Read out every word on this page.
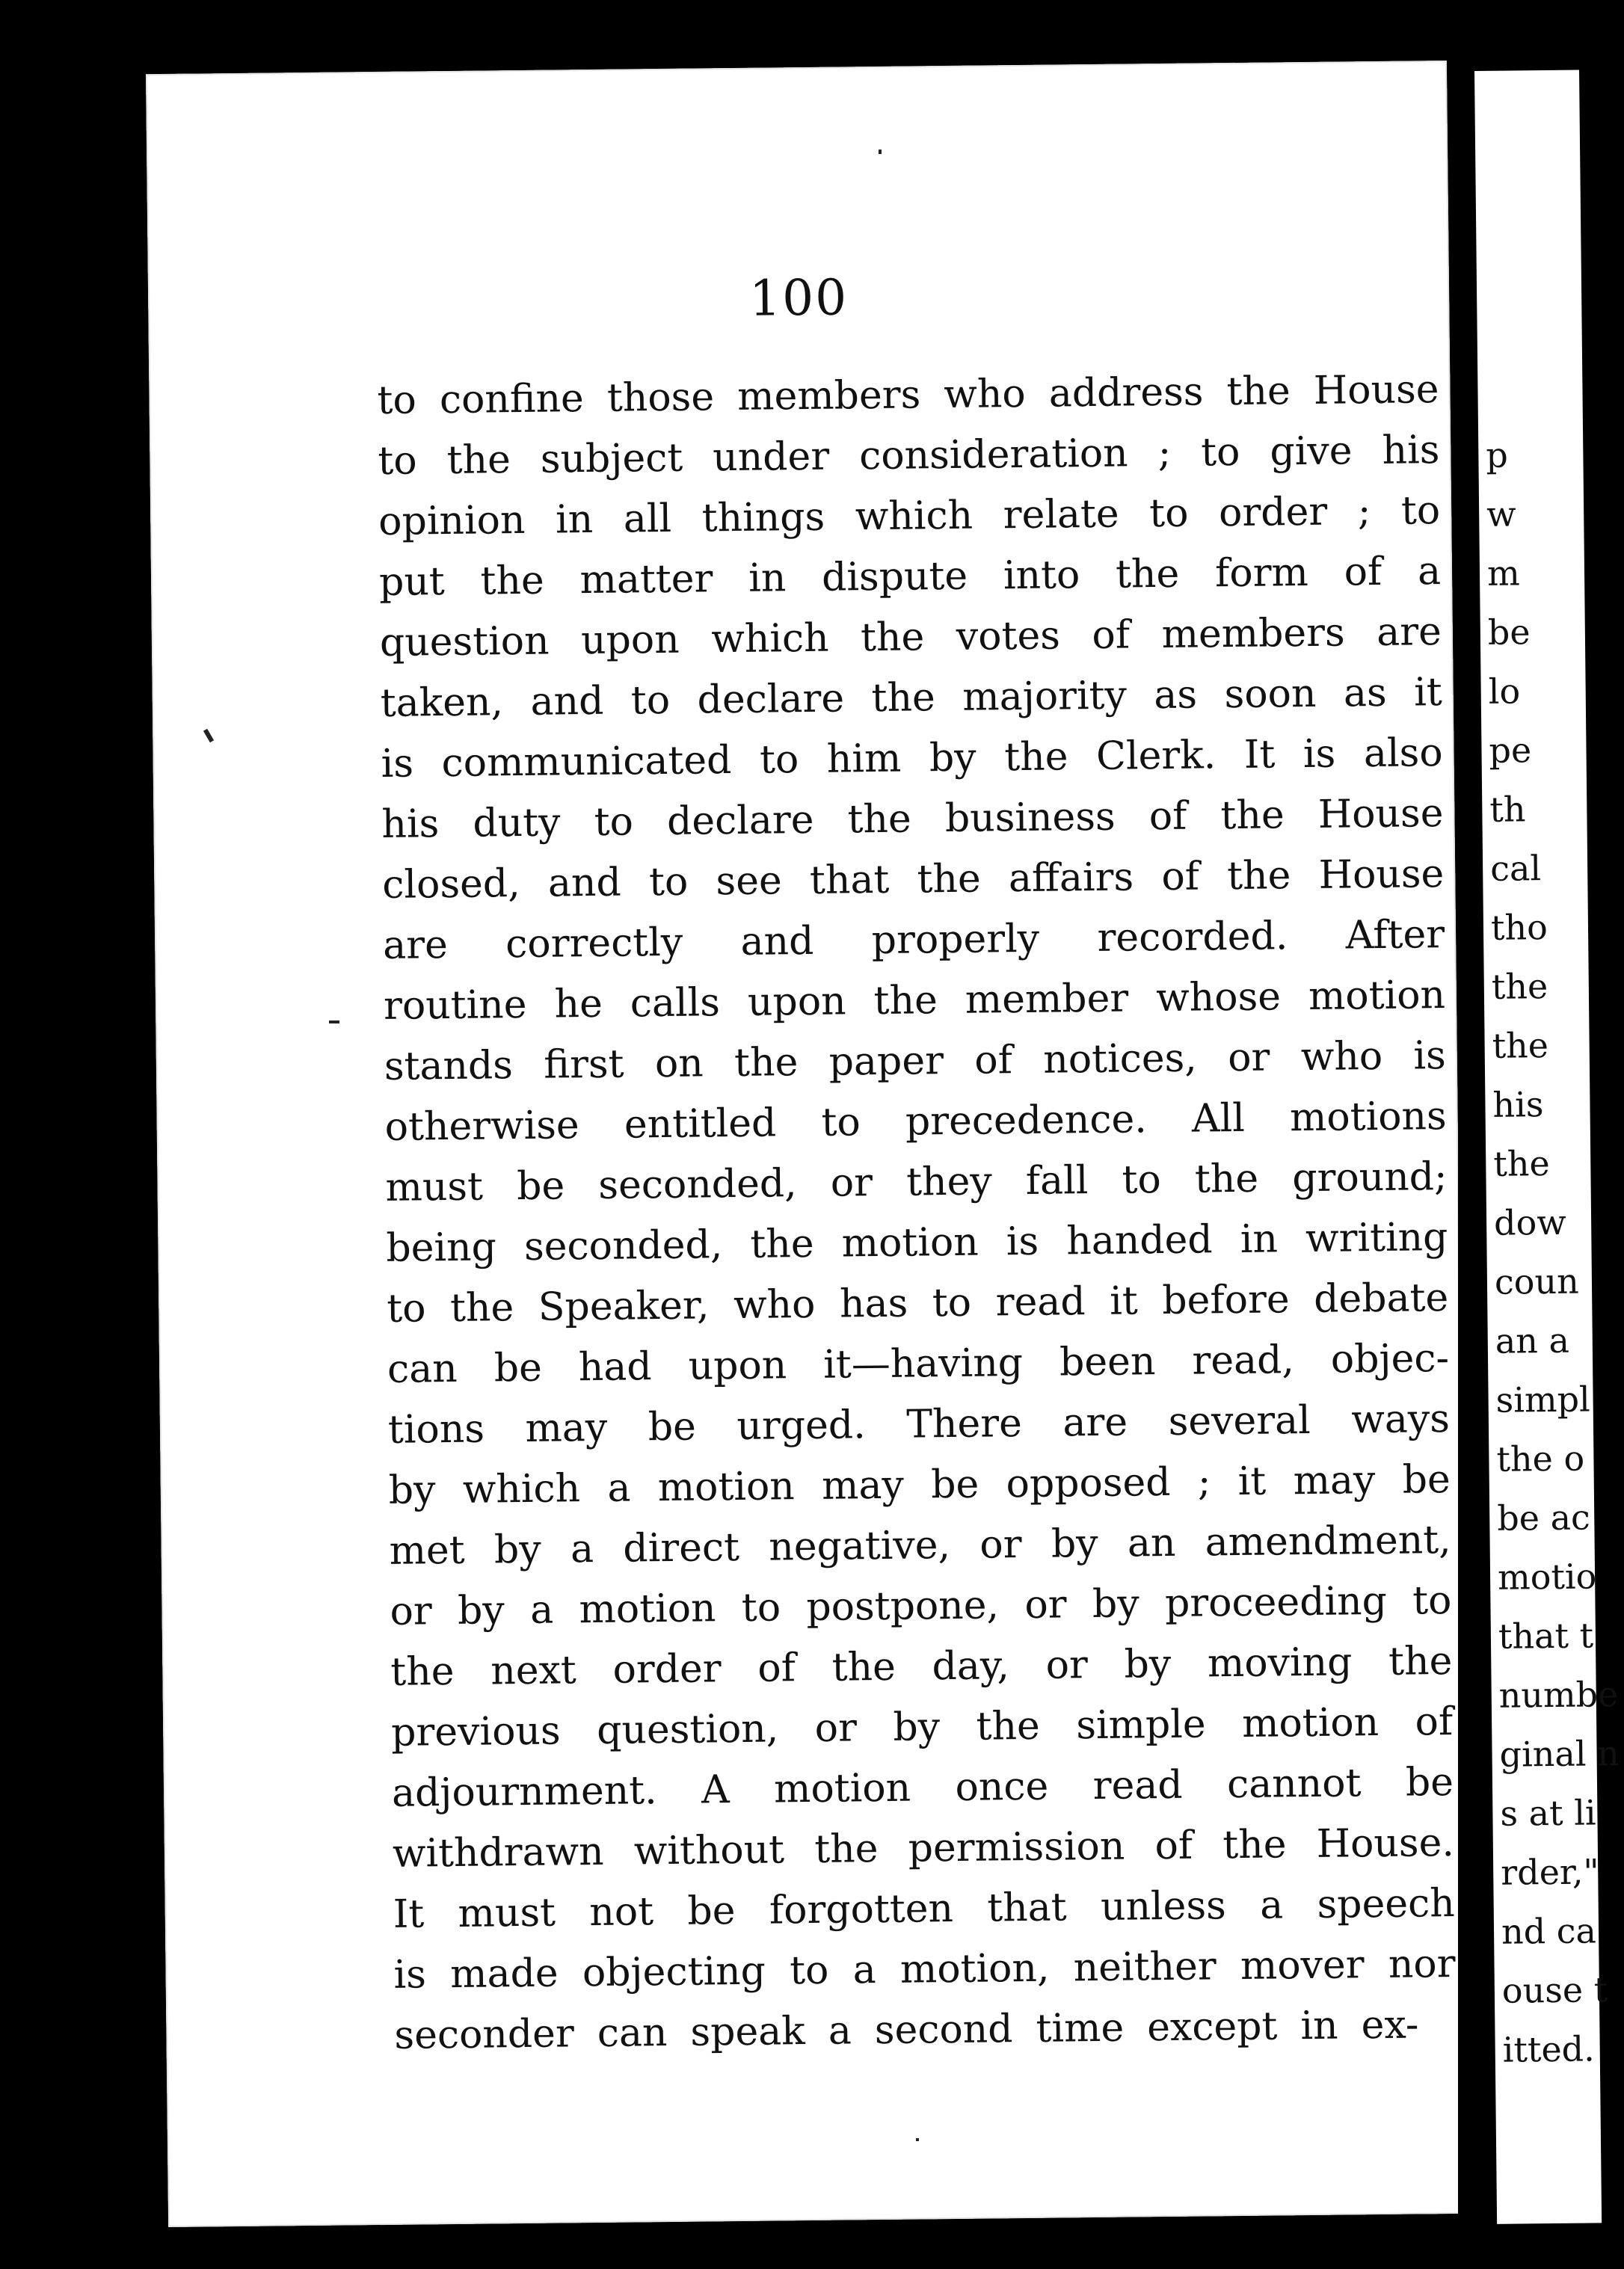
100
to confine those members who address the House
to the subject under consideration ; to give his
opinion in all things which relate to order ; to
put the matter in dispute into the form of a
question upon which the votes of members are
taken, and to declare the majority as soon as it
is communicated to him by the Clerk. It is also
his duty to declare the business of the House
closed, and to see that the affairs of the House
are correctly and properly recorded. After
routine he calls upon the member whose motion
stands first on the paper of notices, or who is
otherwise entitled to precedence. All motions
must be seconded, or they fall to the ground;
being seconded, the motion is handed in writing
to the Speaker, who has to read it before debate
can be had upon it—having been read, objec-
tions may be urged. There are several ways
by which a motion may be opposed ; it may be
met by a direct negative, or by an amendment,
or by a motion to postpone, or by proceeding to
the next order of the day, or by moving the
previous question, or by the simple motion of
adjournment. A motion once read cannot be
withdrawn without the permission of the House.
It must not be forgotten that unless a speech
is made objecting to a motion, neither mover nor
seconder can speak a second time except in ex-
p
w
m
be
lo
pe
th
cal
tho
the
the
his
the
dow
coun
an a
simpl
the o
be ac
motio
that t
numbe
ginal n
s at li
rder,"
nd ca
ouse t
itted.
